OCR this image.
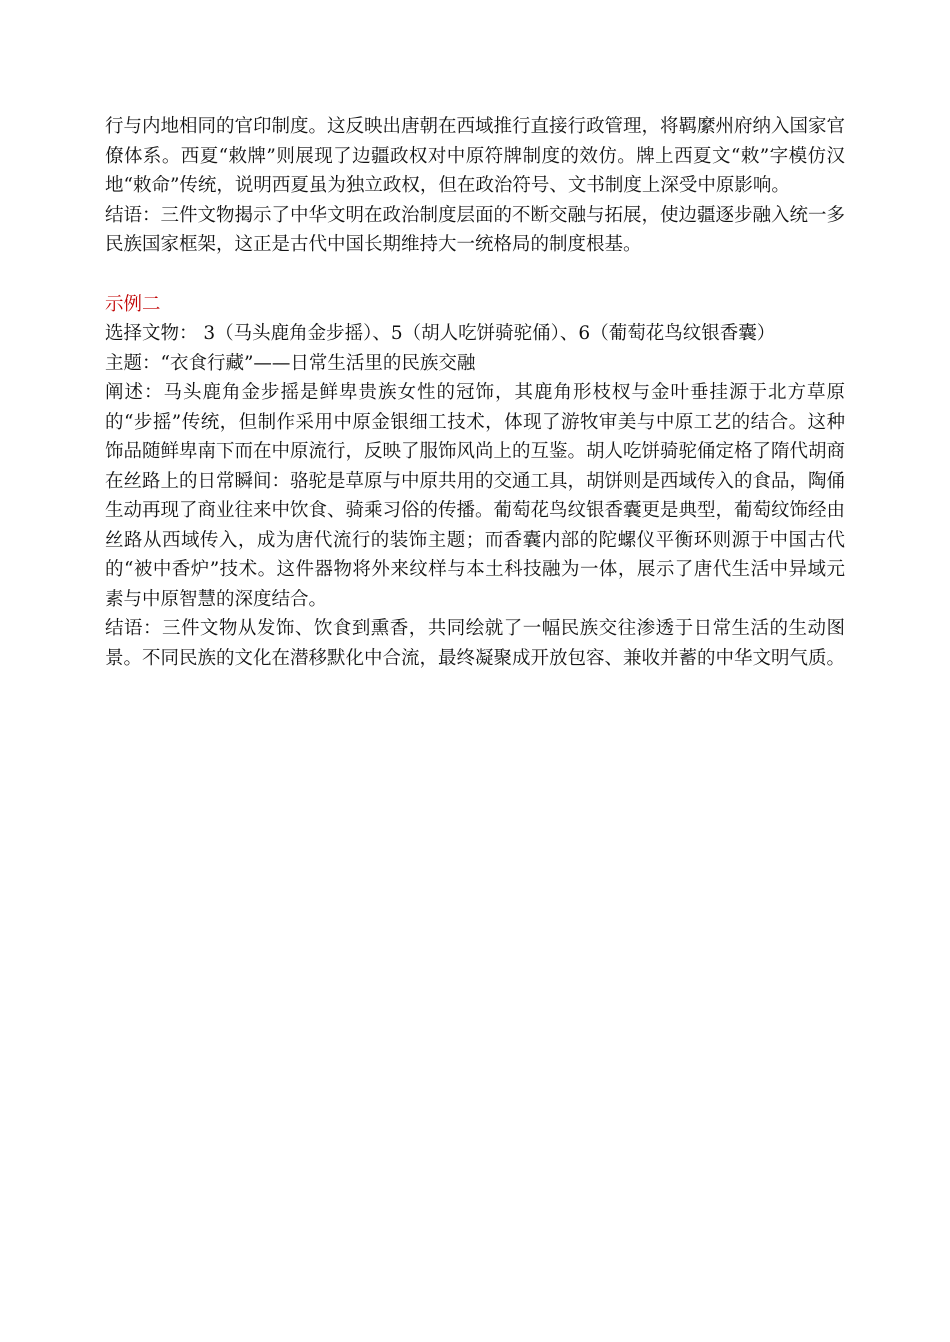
行与内地相同的官印制度。这反映出唐朝在西域推行直接行政管理，将羁縻州府纳入国家官僚体系。西夏“敕牌”则展现了边疆政权对中原符牌制度的效仿。牌上西夏文“敕”字模仿汉地“敕命”传统，说明西夏虽为独立政权，但在政治符号、文书制度上深受中原影响。

结语：三件文物揭示了中华文明在政治制度层面的不断交融与拓展，使边疆逐步融入统一多民族国家框架，这正是古代中国长期维持大一统格局的制度根基。

示例二

选择文物： 3（马头鹿角金步摇）、5（胡人吃饼骑驼俑）、6（葡萄花鸟纹银香囊）

主题：“衣食行藏”——日常生活里的民族交融

阐述：马头鹿角金步摇是鲜卑贵族女性的冠饰，其鹿角形枝杈与金叶垂挂源于北方草原的“步摇”传统，但制作采用中原金银细工技术，体现了游牧审美与中原工艺的结合。这种饰品随鲜卑南下而在中原流行，反映了服饰风尚上的互鉴。胡人吃饼骑驼俑定格了隋代胡商在丝路上的日常瞬间：骆驼是草原与中原共用的交通工具，胡饼则是西域传入的食品，陶俑生动再现了商业往来中饮食、骑乘习俗的传播。葡萄花鸟纹银香囊更是典型，葡萄纹饰经由丝路从西域传入，成为唐代流行的装饰主题；而香囊内部的陀螺仪平衡环则源于中国古代的“被中香炉”技术。这件器物将外来纹样与本土科技融为一体，展示了唐代生活中异域元素与中原智慧的深度结合。

结语：三件文物从发饰、饮食到熏香，共同绘就了一幅民族交往渗透于日常生活的生动图景。不同民族的文化在潜移默化中合流，最终凝聚成开放包容、兼收并蓄的中华文明气质。
